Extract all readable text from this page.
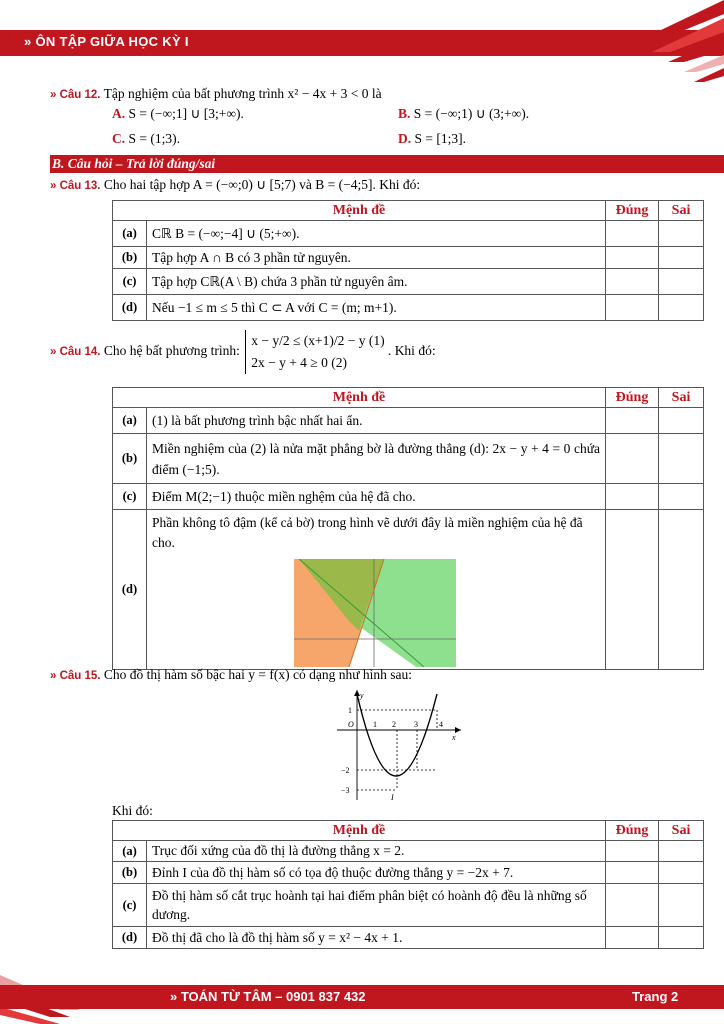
» ÔN TẬP GIỮA HỌC KỲ I
» Câu 12. Tập nghiệm của bất phương trình x² − 4x + 3 < 0 là
A. S = (−∞;1] ∪ [3;+∞).	B. S = (−∞;1) ∪ (3;+∞).
C. S = (1;3).	D. S = [1;3].
B. Câu hỏi – Trả lời đúng/sai
» Câu 13. Cho hai tập hợp A = (−∞;0) ∪ [5;7) và B = (−4;5]. Khi đó:
Mệnh đề		Đúng	Sai
(a)	Cℝ B = (−∞;−4] ∪ (5;+∞).		
(b)	Tập hợp A ∩ B có 3 phần tử nguyên.		
(c)	Tập hợp Cℝ(A \ B) chứa 3 phần tử nguyên âm.		
(d)	Nếu −1 ≤ m ≤ 5 thì C ⊂ A với C = (m; m+1).		
» Câu 14. Cho hệ bất phương trình:
x − y/2 ≤ (x+1)/2 − y (1)
2x − y + 4 ≥ 0 (2)
. Khi đó:
Mệnh đề		Đúng	Sai
(a)	(1) là bất phương trình bậc nhất hai ẩn.		
(b)	Miền nghiệm của (2) là nửa mặt phẳng bờ là đường thẳng (d): 2x − y + 4 = 0 chứa điểm (−1;5).		
(c)	Điểm M(2;−1) thuộc miền nghệm của hệ đã cho.		
(d)	Phần không tô đậm (kể cả bờ) trong hình vẽ dưới đây là miền nghiệm của hệ đã cho.		

» Câu 15. Cho đồ thị hàm số bậc hai y = f(x) có dạng như hình sau:
y
x
O 1 2 3	4
1
−2
−3
I
Khi đó:
Mệnh đề		Đúng	Sai
(a)	Trục đối xứng của đồ thị là đường thẳng x = 2.		
(b)	Đỉnh I của đồ thị hàm số có tọa độ thuộc đường thẳng y = −2x + 7.		
(c)	Đồ thị hàm số cắt trục hoành tại hai điểm phân biệt có hoành độ đều là những số dương.		
(d)	Đồ thị đã cho là đồ thị hàm số y = x² − 4x + 1.		
» TOÁN TỪ TÂM – 0901 837 432	Trang 2
